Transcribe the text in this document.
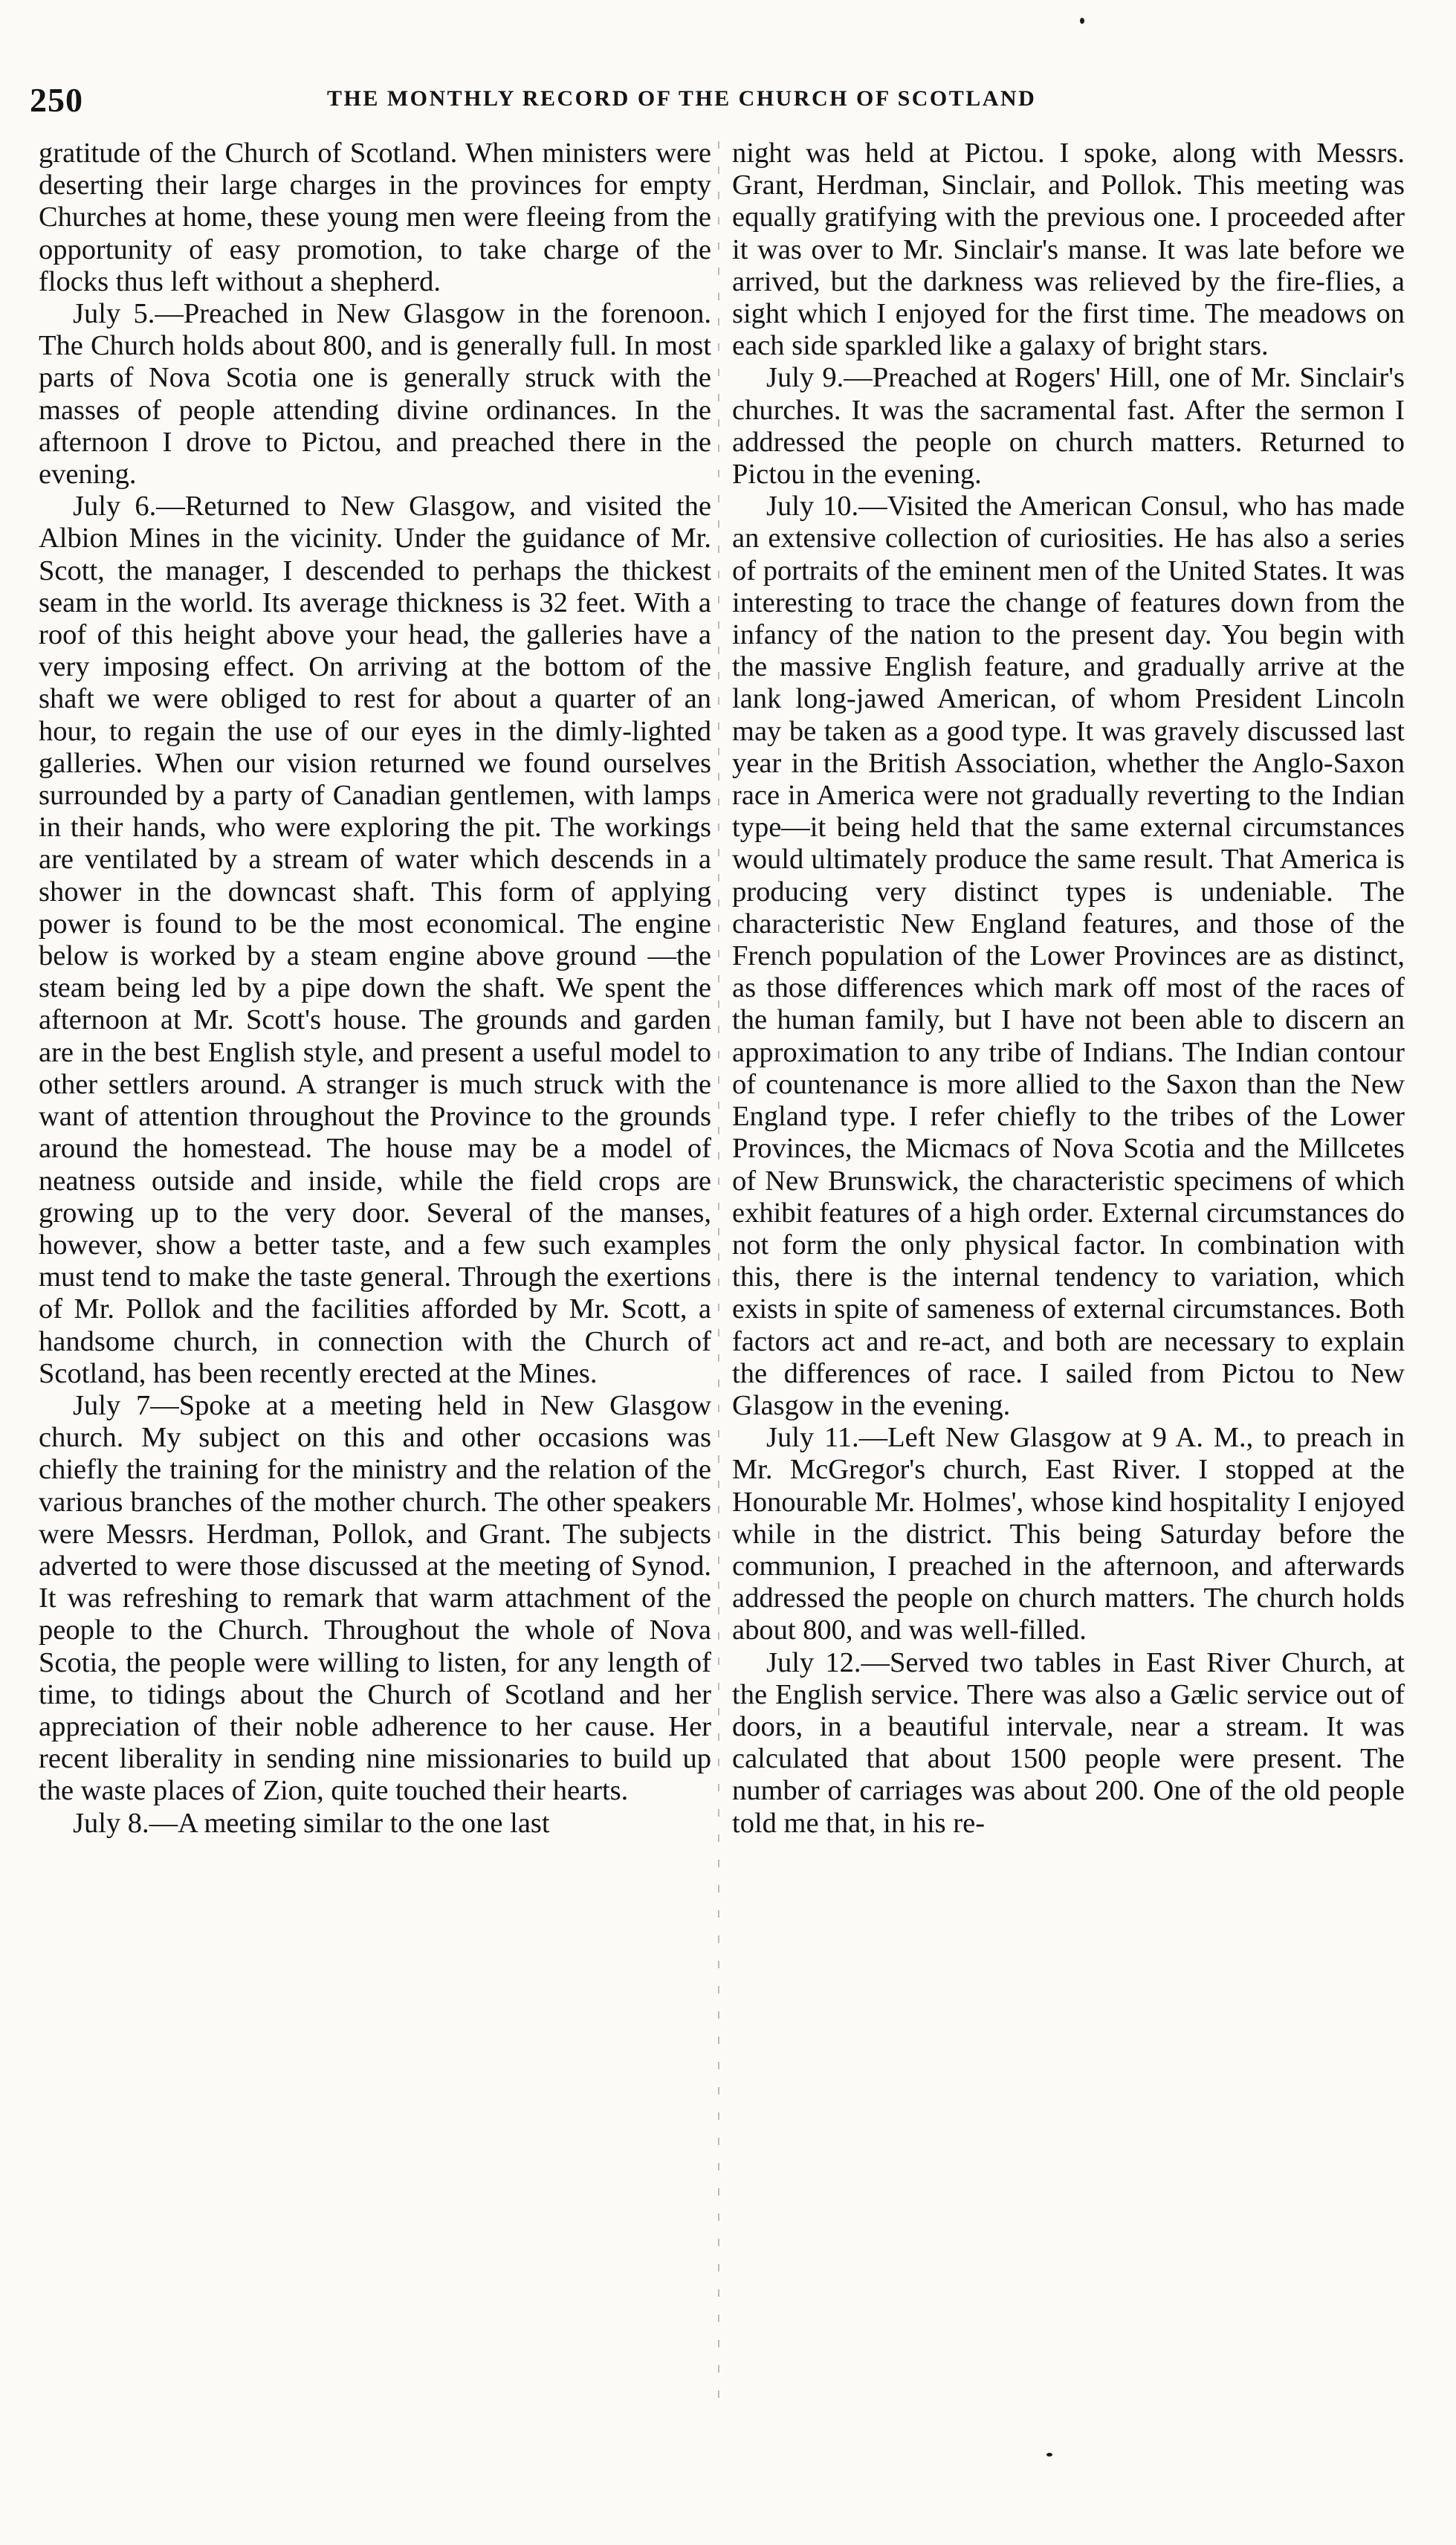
250	THE MONTHLY RECORD OF THE CHURCH OF SCOTLAND

gratitude of the Church of Scotland. When ministers were deserting their large charges in the provinces for empty Churches at home, these young men were fleeing from the opportunity of easy promotion, to take charge of the flocks thus left without a shepherd.

July 5.—Preached in New Glasgow in the forenoon. The Church holds about 800, and is generally full. In most parts of Nova Scotia one is generally struck with the masses of people attending divine ordinances. In the afternoon I drove to Pictou, and preached there in the evening.

July 6.—Returned to New Glasgow, and visited the Albion Mines in the vicinity. Under the guidance of Mr. Scott, the manager, I descended to perhaps the thickest seam in the world. Its average thickness is 32 feet. With a roof of this height above your head, the galleries have a very imposing effect. On arriving at the bottom of the shaft we were obliged to rest for about a quarter of an hour, to regain the use of our eyes in the dimly-lighted galleries. When our vision returned we found ourselves surrounded by a party of Canadian gentlemen, with lamps in their hands, who were exploring the pit. The workings are ventilated by a stream of water which descends in a shower in the downcast shaft. This form of applying power is found to be the most economical. The engine below is worked by a steam engine above ground —the steam being led by a pipe down the shaft. We spent the afternoon at Mr. Scott's house. The grounds and garden are in the best English style, and present a useful model to other settlers around. A stranger is much struck with the want of attention throughout the Province to the grounds around the homestead. The house may be a model of neatness outside and inside, while the field crops are growing up to the very door. Several of the manses, however, show a better taste, and a few such examples must tend to make the taste general. Through the exertions of Mr. Pollok and the facilities afforded by Mr. Scott, a handsome church, in connection with the Church of Scotland, has been recently erected at the Mines.

July 7—Spoke at a meeting held in New Glasgow church. My subject on this and other occasions was chiefly the training for the ministry and the relation of the various branches of the mother church. The other speakers were Messrs. Herdman, Pollok, and Grant. The subjects adverted to were those discussed at the meeting of Synod. It was refreshing to remark that warm attachment of the people to the Church. Throughout the whole of Nova Scotia, the people were willing to listen, for any length of time, to tidings about the Church of Scotland and her appreciation of their noble adherence to her cause. Her recent liberality in sending nine missionaries to build up the waste places of Zion, quite touched their hearts.

July 8.—A meeting similar to the one last

night was held at Pictou. I spoke, along with Messrs. Grant, Herdman, Sinclair, and Pollok. This meeting was equally gratifying with the previous one. I proceeded after it was over to Mr. Sinclair's manse. It was late before we arrived, but the darkness was relieved by the fire-flies, a sight which I enjoyed for the first time. The meadows on each side sparkled like a galaxy of bright stars.

July 9.—Preached at Rogers' Hill, one of Mr. Sinclair's churches. It was the sacramental fast. After the sermon I addressed the people on church matters. Returned to Pictou in the evening.

July 10.—Visited the American Consul, who has made an extensive collection of curiosities. He has also a series of portraits of the eminent men of the United States. It was interesting to trace the change of features down from the infancy of the nation to the present day. You begin with the massive English feature, and gradually arrive at the lank long-jawed American, of whom President Lincoln may be taken as a good type. It was gravely discussed last year in the British Association, whether the Anglo-Saxon race in America were not gradually reverting to the Indian type—it being held that the same external circumstances would ultimately produce the same result. That America is producing very distinct types is undeniable. The characteristic New England features, and those of the French population of the Lower Provinces are as distinct, as those differences which mark off most of the races of the human family, but I have not been able to discern an approximation to any tribe of Indians. The Indian contour of countenance is more allied to the Saxon than the New England type. I refer chiefly to the tribes of the Lower Provinces, the Micmacs of Nova Scotia and the Millcetes of New Brunswick, the characteristic specimens of which exhibit features of a high order. External circumstances do not form the only physical factor. In combination with this, there is the internal tendency to variation, which exists in spite of sameness of external circumstances. Both factors act and re-act, and both are necessary to explain the differences of race. I sailed from Pictou to New Glasgow in the evening.

July 11.—Left New Glasgow at 9 A. M., to preach in Mr. McGregor's church, East River. I stopped at the Honourable Mr. Holmes', whose kind hospitality I enjoyed while in the district. This being Saturday before the communion, I preached in the afternoon, and afterwards addressed the people on church matters. The church holds about 800, and was well-filled.

July 12.—Served two tables in East River Church, at the English service. There was also a Gælic service out of doors, in a beautiful intervale, near a stream. It was calculated that about 1500 people were present. The number of carriages was about 200. One of the old people told me that, in his re-
